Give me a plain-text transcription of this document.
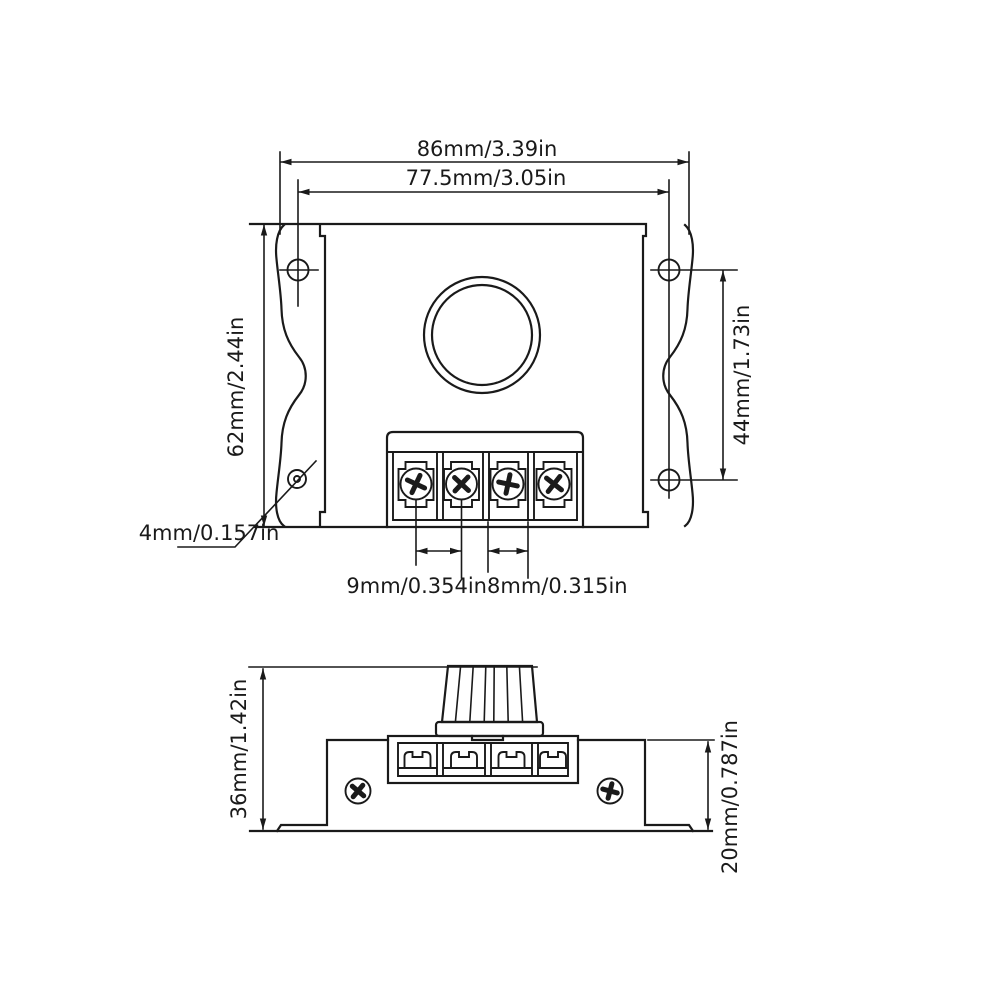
86mm/3.39in
77.5mm/3.05in
62mm/2.44in	44mm/1.73in
4mm/0.157in
9mm/0.354in 8mm/0.315in
36mm/1.42in	20mm/0.787in
